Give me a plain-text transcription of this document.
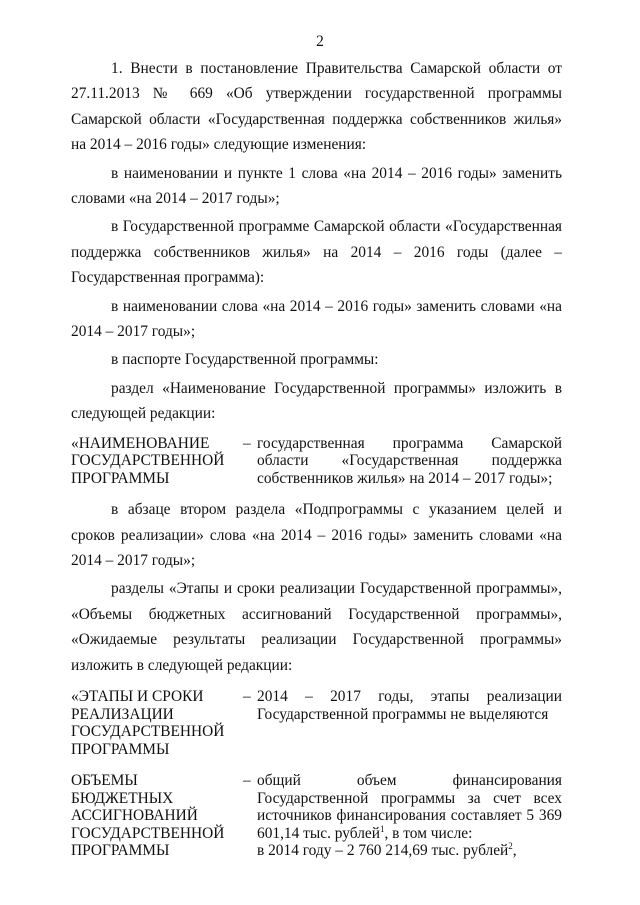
2

1. Внести в постановление Правительства Самарской области от 27.11.2013 № 669 «Об утверждении государственной программы Самарской области «Государственная поддержка собственников жилья» на 2014 – 2016 годы» следующие изменения:

в наименовании и пункте 1 слова «на 2014 – 2016 годы» заменить словами «на 2014 – 2017 годы»;

в Государственной программе Самарской области «Государственная поддержка собственников жилья» на 2014 – 2016 годы (далее – Государственная программа):

в наименовании слова «на 2014 – 2016 годы» заменить словами «на 2014 – 2017 годы»;

в паспорте Государственной программы:

раздел «Наименование Государственной программы» изложить в следующей редакции:

«НАИМЕНОВАНИЕ ГОСУДАРСТВЕННОЙ ПРОГРАММЫ
– государственная программа Самарской области «Государственная поддержка собственников жилья» на 2014 – 2017 годы»;

в абзаце втором раздела «Подпрограммы с указанием целей и сроков реализации» слова «на 2014 – 2016 годы» заменить словами «на 2014 – 2017 годы»;

разделы «Этапы и сроки реализации Государственной программы», «Объемы бюджетных ассигнований Государственной программы», «Ожидаемые результаты реализации Государственной программы» изложить в следующей редакции:

«ЭТАПЫ И СРОКИ РЕАЛИЗАЦИИ ГОСУДАРСТВЕННОЙ ПРОГРАММЫ
– 2014 – 2017 годы, этапы реализации Государственной программы не выделяются
ОБЪЕМЫ БЮДЖЕТНЫХ АССИГНОВАНИЙ ГОСУДАРСТВЕННОЙ ПРОГРАММЫ
– общий объем финансирования Государственной программы за счет всех источников финансирования составляет 5 369 601,14 тыс. рублей$^1$, в том числе:
в 2014 году – 2 760 214,69 тыс. рублей$^2$,
